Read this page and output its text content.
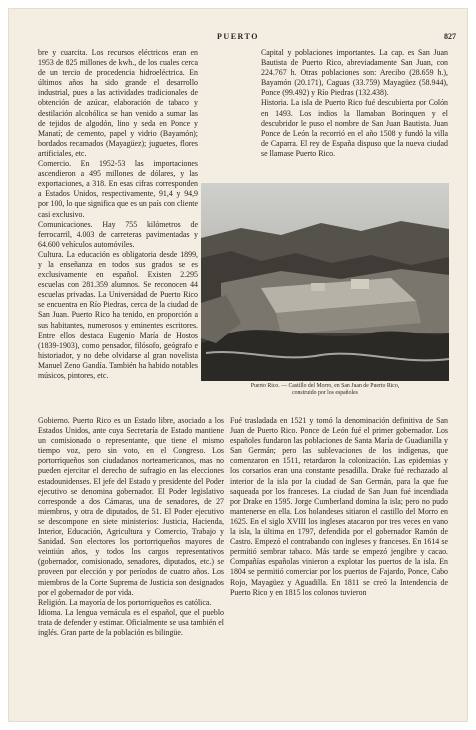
PUERTO	827

bre y cuarcita. Los recursos eléctricos eran en 1953 de 825 millones de kwh., de los cuales cerca de un tercio de procedencia hidroeléctrica. En últimos años ha sido grande el desarrollo industrial, pues a las actividades tradicionales de obtención de azúcar, elaboración de tabaco y destilación alcohólica se han venido a sumar las de tejidos de algodón, lino y seda en Ponce y Manatí; de cemento, papel y vidrio (Bayamón); bordados recamados (Mayagüez); juguetes, flores artificiales, etc.

Comercio. En 1952-53 las importaciones ascendieron a 495 millones de dólares, y las exportaciones, a 318. En esas cifras corresponden a Estados Unidos, respectivamente, 91,4 y 94,9 por 100, lo que significa que es un país con cliente casi exclusivo.

Comunicaciones. Hay 755 kilómetros de ferrocarril, 4.003 de carreteras pavimentadas y 64.600 vehículos automóviles.

Cultura. La educación es obligatoria desde 1899, y la enseñanza en todos sus grados se es exclusivamente en español. Existen 2.295 escuelas con 281.359 alumnos. Se reconocen 44 escuelas privadas. La Universidad de Puerto Rico se encuentra en Río Piedras, cerca de la ciudad de San Juan. Puerto Rico ha tenido, en proporción a sus habitantes, numerosos y eminentes escritores. Entre ellos destaca Eugenio María de Hostos (1839-1903), como pensador, filósofo, geógrafo e historiador, y no debe olvidarse al gran novelista Manuel Zeno Gandía. También ha habido notables músicos, pintores, etc.

Capital y poblaciones importantes. La cap. es San Juan Bautista de Puerto Rico, abreviadamente San Juan, con 224.767 h. Otras poblaciones son: Arecibo (28.659 h.), Bayamón (20.171), Caguas (33.759) Mayagüez (58.944), Ponce (99.492) y Río Piedras (132.438).

Historia. La isla de Puerto Rico fué descubierta por Colón en 1493. Los indios la llamaban Borinquen y el descubridor le puso el nombre de San Juan Bautista. Juan Ponce de León la recorrió en el año 1508 y fundó la villa de Caparra. El rey de España dispuso que la nueva ciudad se llamase Puerto Rico.

Puerto Rico. — Castillo del Morro, en San Juan de Puerto Rico,
construido por los españoles

Gobierno. Puerto Rico es un Estado libre, asociado a los Estados Unidos, ante cuya Secretaría de Estado mantiene un comisionado o representante, que tiene el mismo tiempo voz, pero sin voto, en el Congreso. Los portorriqueños son ciudadanos norteamericanos, mas no pueden ejercitar el derecho de sufragio en las elecciones estadounidenses. El jefe del Estado y presidente del Poder ejecutivo se denomina gobernador. El Poder legislativo corresponde a dos Cámaras, una de senadores, de 27 miembros, y otra de diputados, de 51. El Poder ejecutivo se descompone en siete ministerios: Justicia, Hacienda, Interior, Educación, Agricultura y Comercio, Trabajo y Sanidad. Son electores los portorriqueños mayores de veintiún años, y todos los cargos representativos (gobernador, comisionado, senadores, diputados, etc.) se proveen por elección y por períodos de cuatro años. Los miembros de la Corte Suprema de Justicia son designados por el gobernador de por vida.

Religión. La mayoría de los portorriqueños es católica.

Idioma. La lengua vernácula es el español, que el pueblo trata de defender y estimar. Oficialmente se usa también el inglés. Gran parte de la población es bilingüe.

Fué trasladada en 1521 y tomó la denominación definitiva de San Juan de Puerto Rico. Ponce de León fué el primer gobernador. Los españoles fundaron las poblaciones de Santa María de Guadianilla y San Germán; pero las sublevaciones de los indígenas, que comenzaron en 1511, retardaron la colonización. Las epidemias y los corsarios eran una constante pesadilla. Drake fué rechazado al interior de la isla por la ciudad de San Germán, para la que fue saqueada por los franceses. La ciudad de San Juan fué incendiada por Drake en 1595. Jorge Cumberland domina la isla; pero no pudo mantenerse en ella. Los holandeses sitiaron el castillo del Morro en 1625. En el siglo XVIII los ingleses atacaron por tres veces en vano la isla, la última en 1797, defendida por el gobernador Ramón de Castro. Empezó el contrabando con ingleses y franceses. En 1614 se permitió sembrar tabaco. Más tarde se empezó jengibre y cacao. Compañías españolas vinieron a explotar los puertos de la isla. En 1804 se permitió comerciar por los puertos de Fajardo, Ponce, Cabo Rojo, Mayagüez y Aguadilla. En 1811 se creó la Intendencia de Puerto Rico y en 1815 los colonos tuvieron
